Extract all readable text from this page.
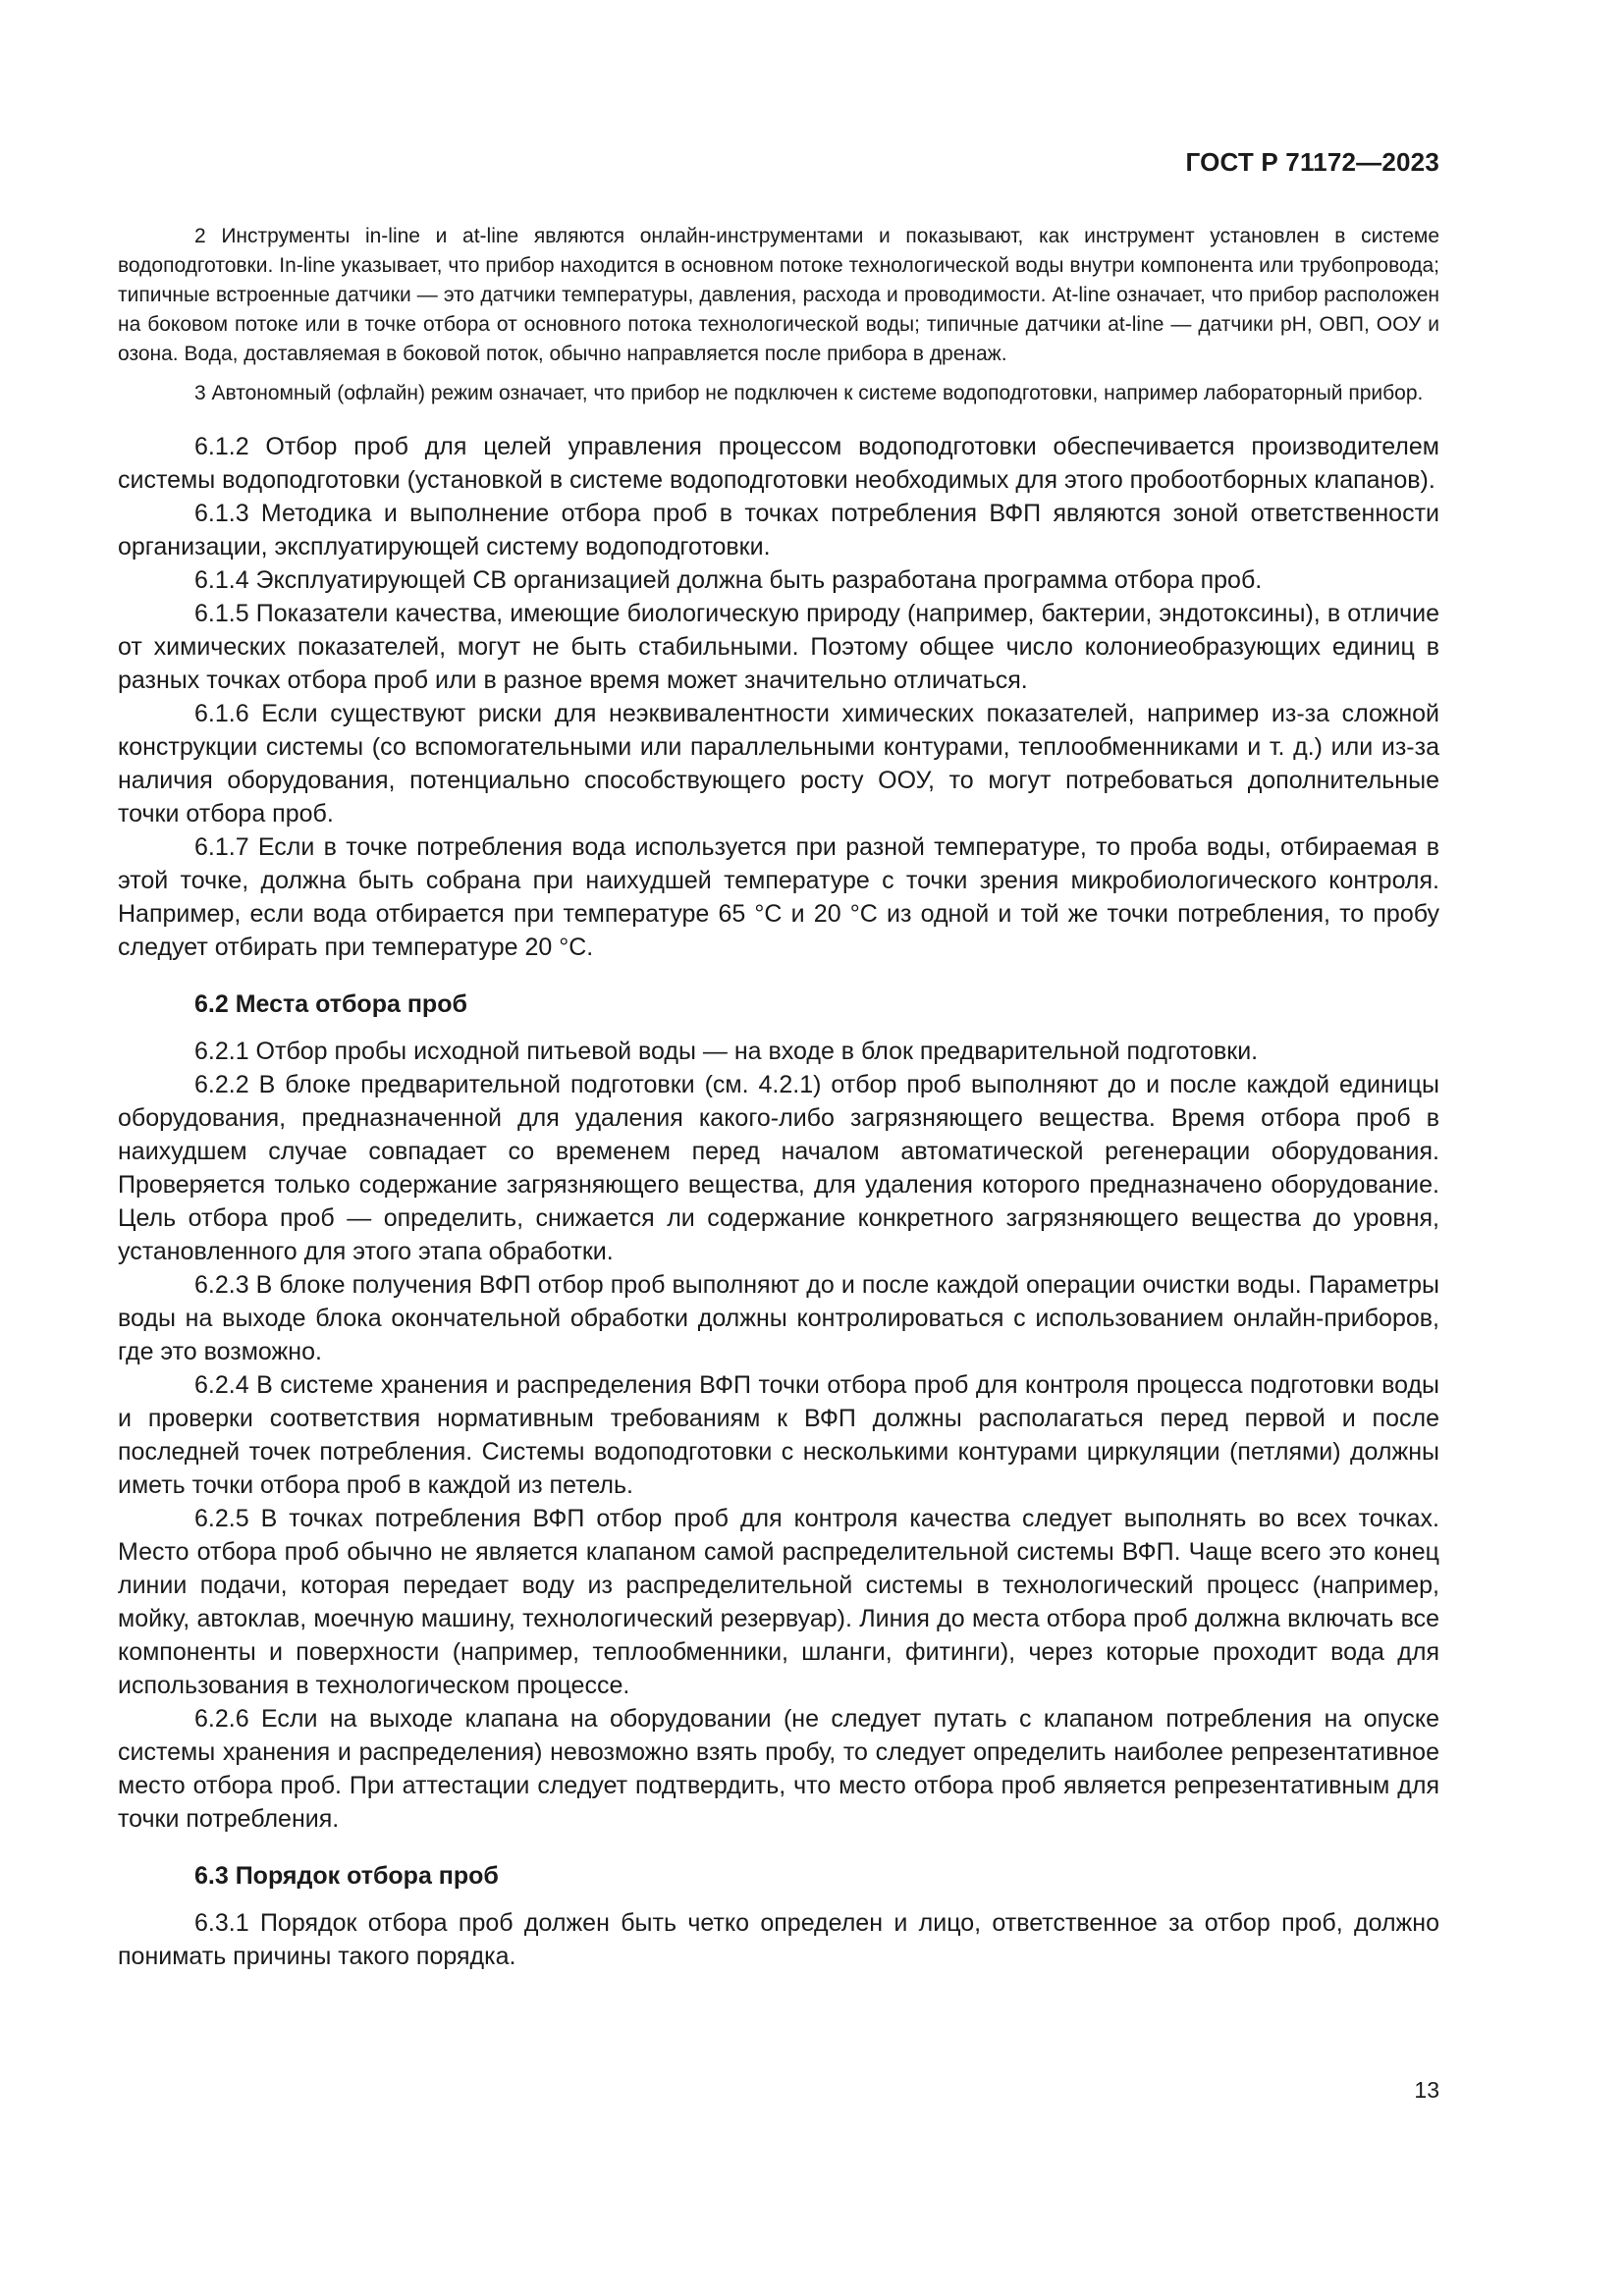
ГОСТ Р 71172—2023

2 Инструменты in-line и at-line являются онлайн-инструментами и показывают, как инструмент установлен в системе водоподготовки. In-line указывает, что прибор находится в основном потоке технологической воды внутри компонента или трубопровода; типичные встроенные датчики — это датчики температуры, давления, расхода и проводимости. At-line означает, что прибор расположен на боковом потоке или в точке отбора от основного потока технологической воды; типичные датчики at-line — датчики pH, ОВП, ООУ и озона. Вода, доставляемая в боковой поток, обычно направляется после прибора в дренаж.

3 Автономный (офлайн) режим означает, что прибор не подключен к системе водоподготовки, например лабораторный прибор.

6.1.2 Отбор проб для целей управления процессом водоподготовки обеспечивается производителем системы водоподготовки (установкой в системе водоподготовки необходимых для этого пробоотборных клапанов).

6.1.3 Методика и выполнение отбора проб в точках потребления ВФП являются зоной ответственности организации, эксплуатирующей систему водоподготовки.

6.1.4 Эксплуатирующей СВ организацией должна быть разработана программа отбора проб.

6.1.5 Показатели качества, имеющие биологическую природу (например, бактерии, эндотоксины), в отличие от химических показателей, могут не быть стабильными. Поэтому общее число колониеобразующих единиц в разных точках отбора проб или в разное время может значительно отличаться.

6.1.6 Если существуют риски для неэквивалентности химических показателей, например из-за сложной конструкции системы (со вспомогательными или параллельными контурами, теплообменниками и т. д.) или из-за наличия оборудования, потенциально способствующего росту ООУ, то могут потребоваться дополнительные точки отбора проб.

6.1.7 Если в точке потребления вода используется при разной температуре, то проба воды, отбираемая в этой точке, должна быть собрана при наихудшей температуре с точки зрения микробиологического контроля. Например, если вода отбирается при температуре 65 °С и 20 °С из одной и той же точки потребления, то пробу следует отбирать при температуре 20 °С.

6.2 Места отбора проб

6.2.1 Отбор пробы исходной питьевой воды — на входе в блок предварительной подготовки.

6.2.2 В блоке предварительной подготовки (см. 4.2.1) отбор проб выполняют до и после каждой единицы оборудования, предназначенной для удаления какого-либо загрязняющего вещества. Время отбора проб в наихудшем случае совпадает со временем перед началом автоматической регенерации оборудования. Проверяется только содержание загрязняющего вещества, для удаления которого предназначено оборудование. Цель отбора проб — определить, снижается ли содержание конкретного загрязняющего вещества до уровня, установленного для этого этапа обработки.

6.2.3 В блоке получения ВФП отбор проб выполняют до и после каждой операции очистки воды. Параметры воды на выходе блока окончательной обработки должны контролироваться с использованием онлайн-приборов, где это возможно.

6.2.4 В системе хранения и распределения ВФП точки отбора проб для контроля процесса подготовки воды и проверки соответствия нормативным требованиям к ВФП должны располагаться перед первой и после последней точек потребления. Системы водоподготовки с несколькими контурами циркуляции (петлями) должны иметь точки отбора проб в каждой из петель.

6.2.5 В точках потребления ВФП отбор проб для контроля качества следует выполнять во всех точках. Место отбора проб обычно не является клапаном самой распределительной системы ВФП. Чаще всего это конец линии подачи, которая передает воду из распределительной системы в технологический процесс (например, мойку, автоклав, моечную машину, технологический резервуар). Линия до места отбора проб должна включать все компоненты и поверхности (например, теплообменники, шланги, фитинги), через которые проходит вода для использования в технологическом процессе.

6.2.6 Если на выходе клапана на оборудовании (не следует путать с клапаном потребления на опуске системы хранения и распределения) невозможно взять пробу, то следует определить наиболее репрезентативное место отбора проб. При аттестации следует подтвердить, что место отбора проб является репрезентативным для точки потребления.

6.3 Порядок отбора проб

6.3.1 Порядок отбора проб должен быть четко определен и лицо, ответственное за отбор проб, должно понимать причины такого порядка.

13
